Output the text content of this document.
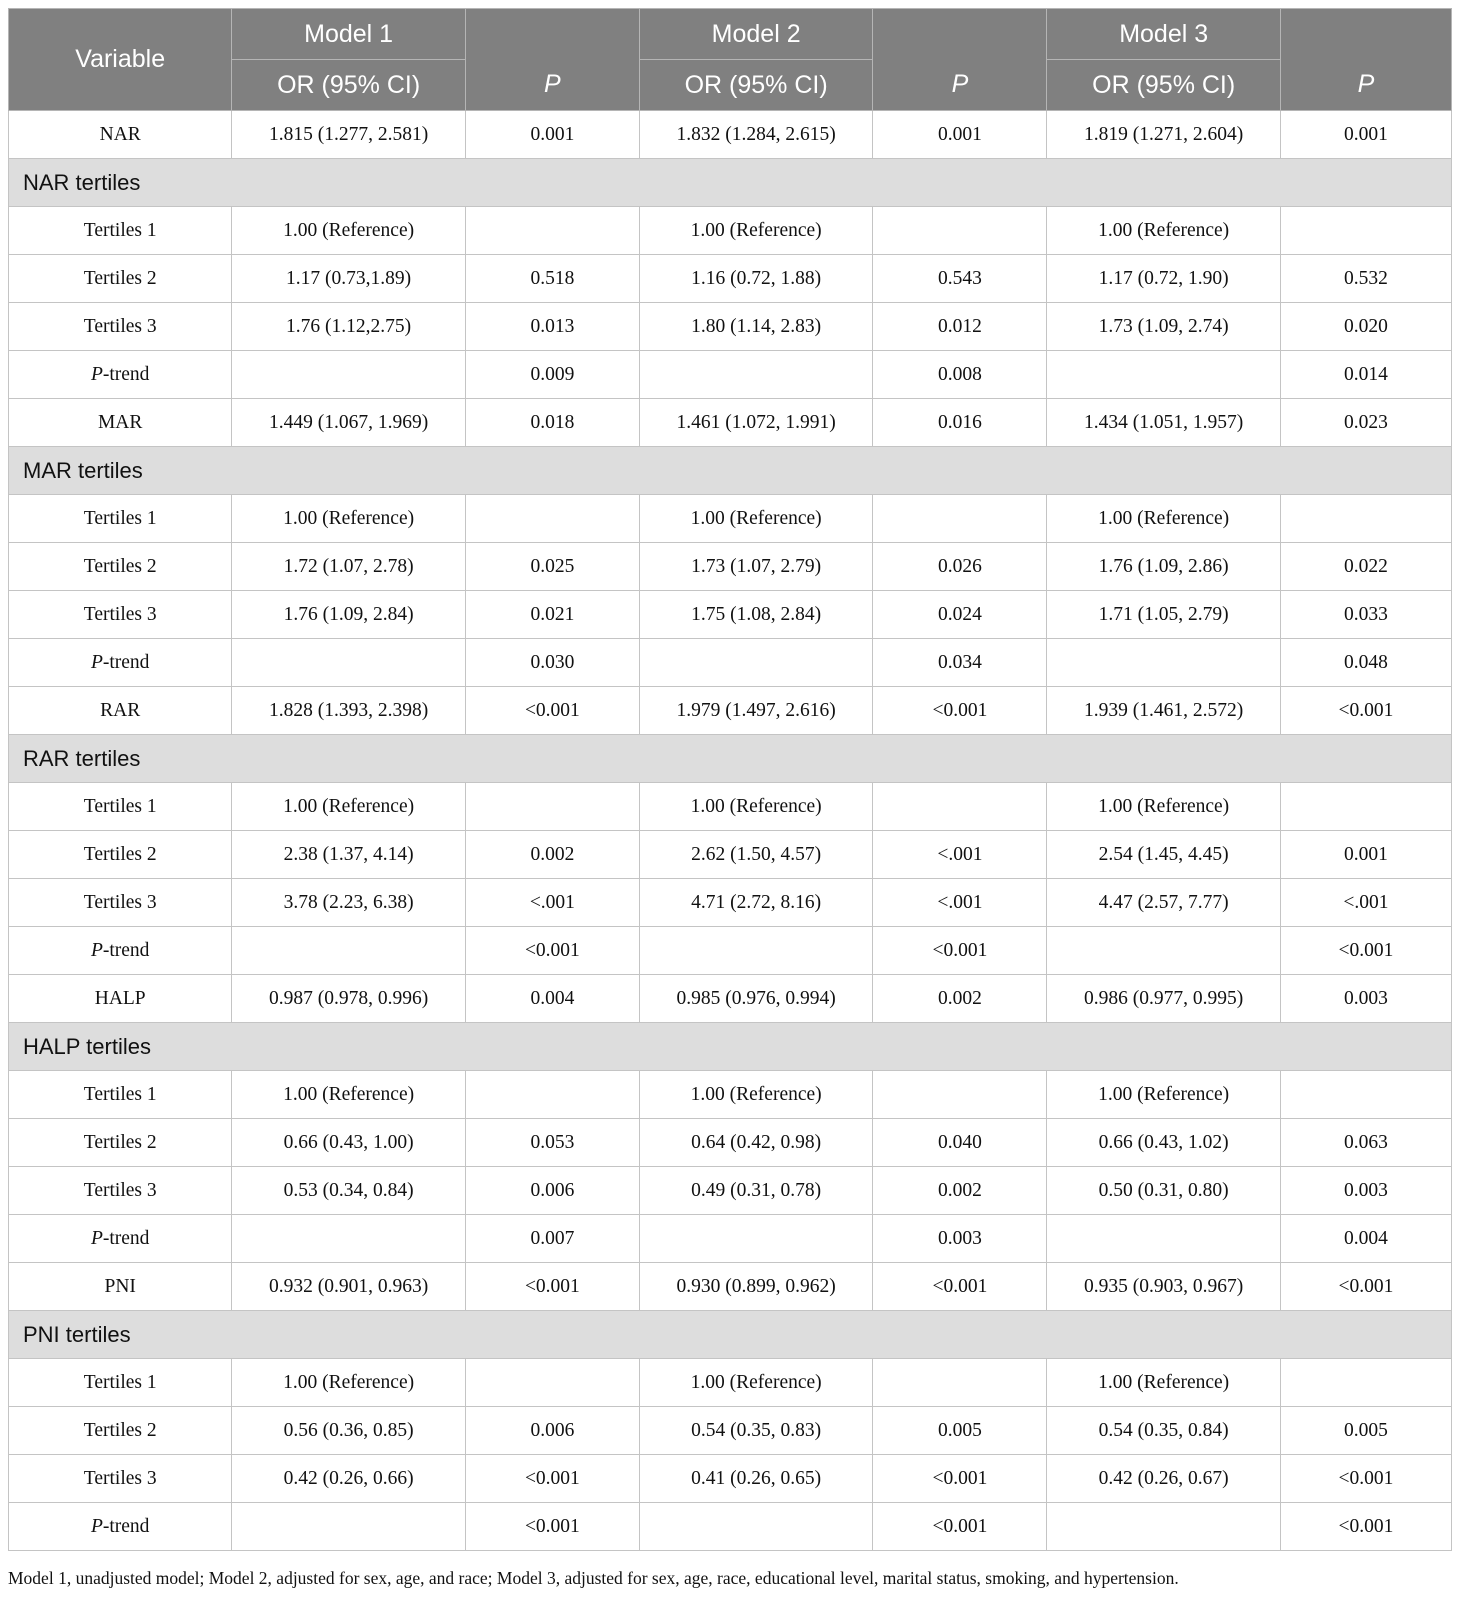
Variable	Model 1		Model 2		Model 3	
	OR (95% CI)	P	OR (95% CI)	P	OR (95% CI)	P
NAR	1.815 (1.277, 2.581)	0.001	1.832 (1.284, 2.615)	0.001	1.819 (1.271, 2.604)	0.001
NAR tertiles						
Tertiles 1	1.00 (Reference)		1.00 (Reference)		1.00 (Reference)	
Tertiles 2	1.17 (0.73,1.89)	0.518	1.16 (0.72, 1.88)	0.543	1.17 (0.72, 1.90)	0.532
Tertiles 3	1.76 (1.12,2.75)	0.013	1.80 (1.14, 2.83)	0.012	1.73 (1.09, 2.74)	0.020
P-trend		0.009		0.008		0.014
MAR	1.449 (1.067, 1.969)	0.018	1.461 (1.072, 1.991)	0.016	1.434 (1.051, 1.957)	0.023
MAR tertiles						
Tertiles 1	1.00 (Reference)		1.00 (Reference)		1.00 (Reference)	
Tertiles 2	1.72 (1.07, 2.78)	0.025	1.73 (1.07, 2.79)	0.026	1.76 (1.09, 2.86)	0.022
Tertiles 3	1.76 (1.09, 2.84)	0.021	1.75 (1.08, 2.84)	0.024	1.71 (1.05, 2.79)	0.033
P-trend		0.030		0.034		0.048
RAR	1.828 (1.393, 2.398)	<0.001	1.979 (1.497, 2.616)	<0.001	1.939 (1.461, 2.572)	<0.001
RAR tertiles						
Tertiles 1	1.00 (Reference)		1.00 (Reference)		1.00 (Reference)	
Tertiles 2	2.38 (1.37, 4.14)	0.002	2.62 (1.50, 4.57)	<.001	2.54 (1.45, 4.45)	0.001
Tertiles 3	3.78 (2.23, 6.38)	<.001	4.71 (2.72, 8.16)	<.001	4.47 (2.57, 7.77)	<.001
P-trend		<0.001		<0.001		<0.001
HALP	0.987 (0.978, 0.996)	0.004	0.985 (0.976, 0.994)	0.002	0.986 (0.977, 0.995)	0.003
HALP tertiles						
Tertiles 1	1.00 (Reference)		1.00 (Reference)		1.00 (Reference)	
Tertiles 2	0.66 (0.43, 1.00)	0.053	0.64 (0.42, 0.98)	0.040	0.66 (0.43, 1.02)	0.063
Tertiles 3	0.53 (0.34, 0.84)	0.006	0.49 (0.31, 0.78)	0.002	0.50 (0.31, 0.80)	0.003
P-trend		0.007		0.003		0.004
PNI	0.932 (0.901, 0.963)	<0.001	0.930 (0.899, 0.962)	<0.001	0.935 (0.903, 0.967)	<0.001
PNI tertiles						
Tertiles 1	1.00 (Reference)		1.00 (Reference)		1.00 (Reference)	
Tertiles 2	0.56 (0.36, 0.85)	0.006	0.54 (0.35, 0.83)	0.005	0.54 (0.35, 0.84)	0.005
Tertiles 3	0.42 (0.26, 0.66)	<0.001	0.41 (0.26, 0.65)	<0.001	0.42 (0.26, 0.67)	<0.001
P-trend		<0.001		<0.001		<0.001
Model 1, unadjusted model; Model 2, adjusted for sex, age, and race; Model 3, adjusted for sex, age, race, educational level, marital status, smoking, and hypertension.
